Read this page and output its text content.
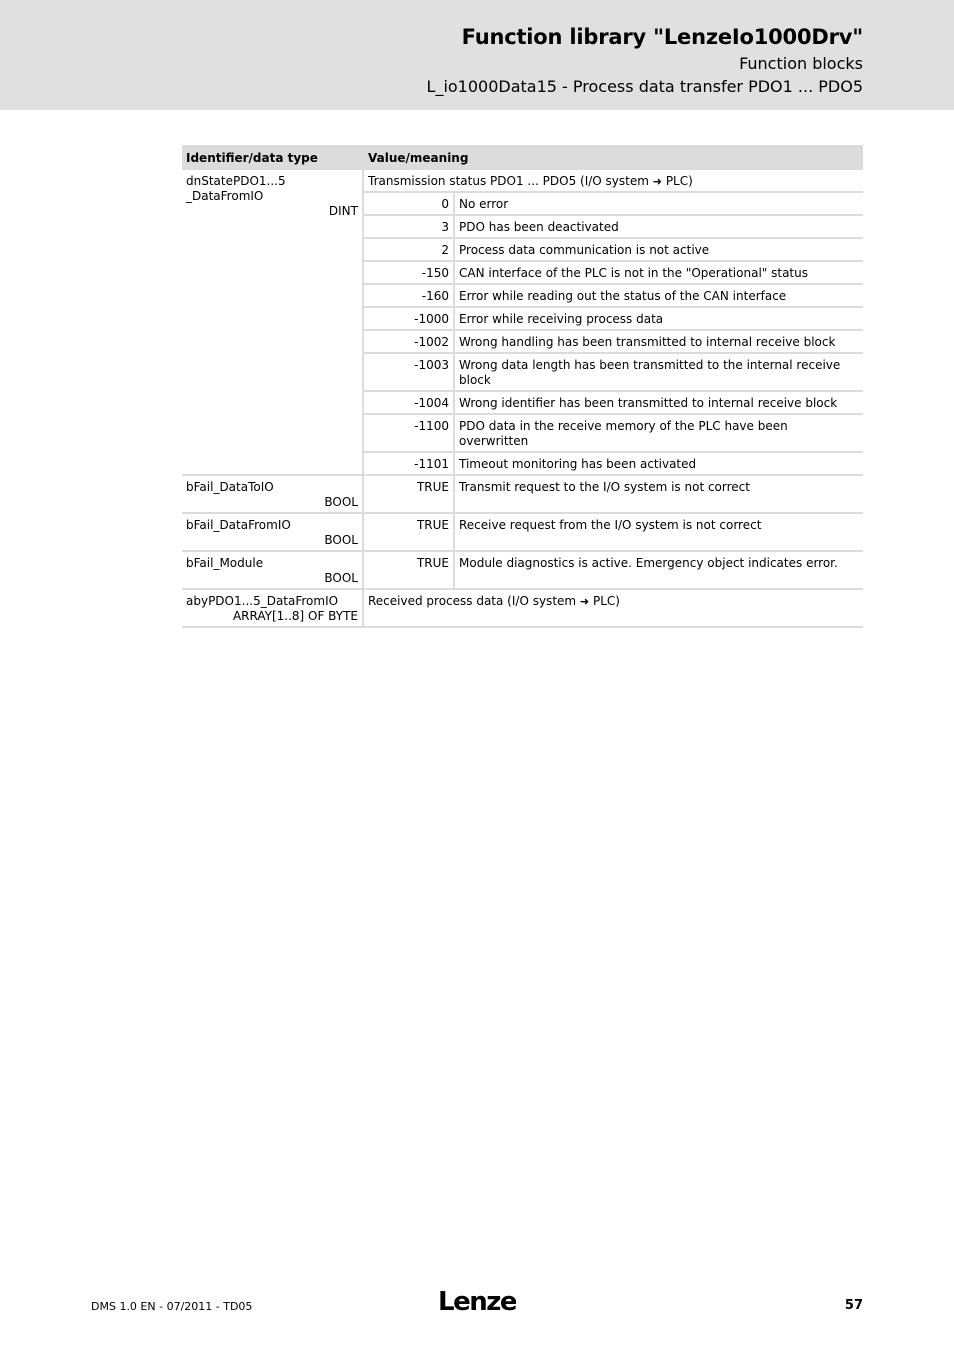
Function library "LenzeIo1000Drv"
Function blocks
L_io1000Data15 - Process data transfer PDO1 ... PDO5
Identifier/data type	Value/meaning	

dnStatePDO1...5
_DataFromIO
DINT	Transmission status PDO1 ... PDO5 (I/O system ➜ PLC)	
	0	No error
	3	PDO has been deactivated
	2	Process data communication is not active
	-150	CAN interface of the PLC is not in the "Operational" status
	-160	Error while reading out the status of the CAN interface
	-1000	Error while receiving process data
	-1002	Wrong handling has been transmitted to internal receive block
	-1003	Wrong data length has been transmitted to the internal receive block
	-1004	Wrong identifier has been transmitted to internal receive block
	-1100	PDO data in the receive memory of the PLC have been overwritten
	-1101	Timeout monitoring has been activated

bFail_DataToIO
BOOL	TRUE	Transmit request to the I/O system is not correct

bFail_DataFromIO
BOOL	TRUE	Receive request from the I/O system is not correct

bFail_Module
BOOL	TRUE	Module diagnostics is active. Emergency object indicates error.

abyPDO1...5_DataFromIO
ARRAY[1..8] OF BYTE	Received process data (I/O system ➜ PLC)	
DMS 1.0 EN - 07/2011 - TD05	Lenze	57
